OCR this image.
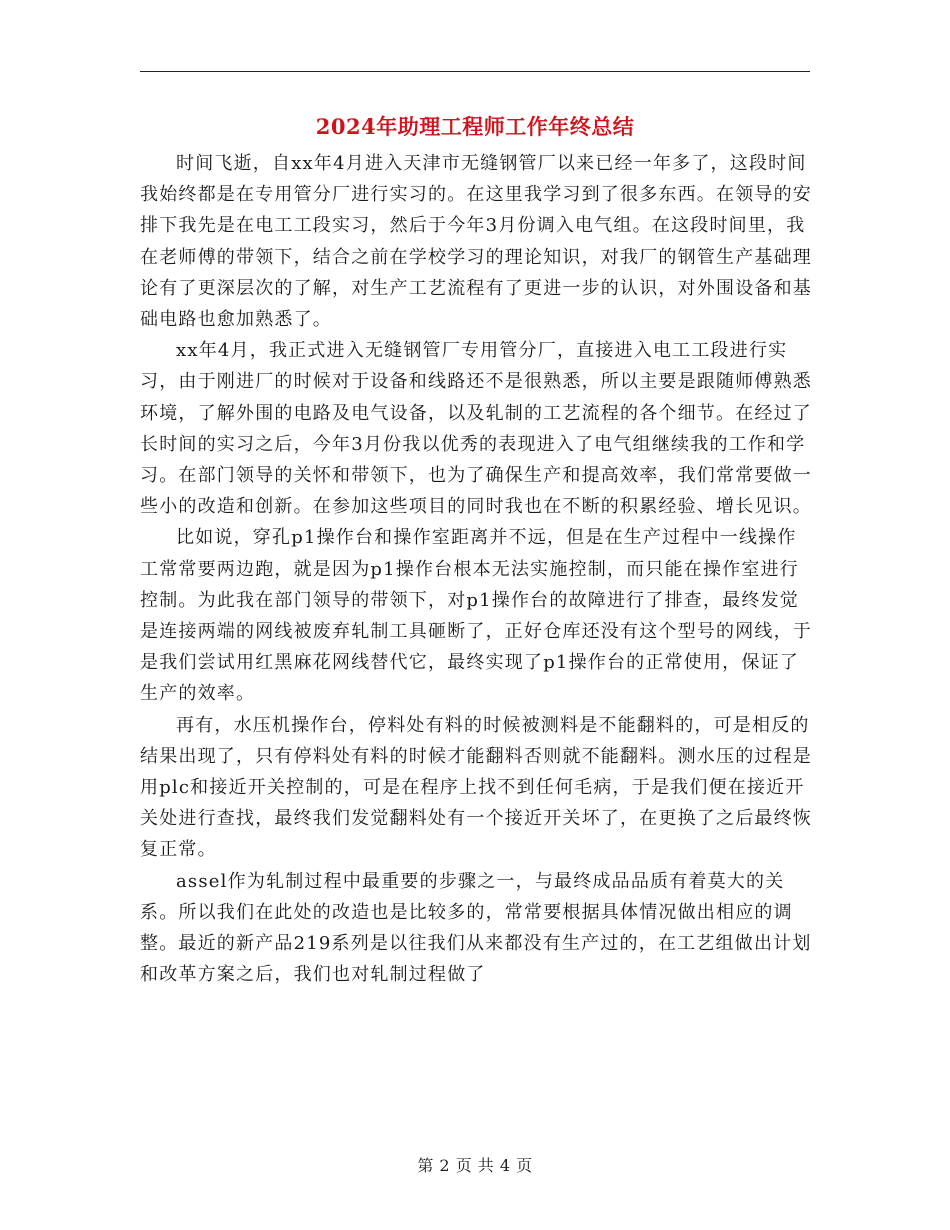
2024年助理工程师工作年终总结

时间飞逝，自xx年4月进入天津市无缝钢管厂以来已经一年多了，这段时间我始终都是在专用管分厂进行实习的。在这里我学习到了很多东西。在领导的安排下我先是在电工工段实习，然后于今年3月份调入电气组。在这段时间里，我在老师傅的带领下，结合之前在学校学习的理论知识，对我厂的钢管生产基础理论有了更深层次的了解，对生产工艺流程有了更进一步的认识，对外围设备和基础电路也愈加熟悉了。

xx年4月，我正式进入无缝钢管厂专用管分厂，直接进入电工工段进行实习，由于刚进厂的时候对于设备和线路还不是很熟悉，所以主要是跟随师傅熟悉环境，了解外围的电路及电气设备，以及轧制的工艺流程的各个细节。在经过了长时间的实习之后，今年3月份我以优秀的表现进入了电气组继续我的工作和学习。在部门领导的关怀和带领下，也为了确保生产和提高效率，我们常常要做一些小的改造和创新。在参加这些项目的同时我也在不断的积累经验、增长见识。

比如说，穿孔p1操作台和操作室距离并不远，但是在生产过程中一线操作工常常要两边跑，就是因为p1操作台根本无法实施控制，而只能在操作室进行控制。为此我在部门领导的带领下，对p1操作台的故障进行了排查，最终发觉是连接两端的网线被废弃轧制工具砸断了，正好仓库还没有这个型号的网线，于是我们尝试用红黑麻花网线替代它，最终实现了p1操作台的正常使用，保证了生产的效率。

再有，水压机操作台，停料处有料的时候被测料是不能翻料的，可是相反的结果出现了，只有停料处有料的时候才能翻料否则就不能翻料。测水压的过程是用plc和接近开关控制的，可是在程序上找不到任何毛病，于是我们便在接近开关处进行查找，最终我们发觉翻料处有一个接近开关坏了，在更换了之后最终恢复正常。

assel作为轧制过程中最重要的步骤之一，与最终成品品质有着莫大的关系。所以我们在此处的改造也是比较多的，常常要根据具体情况做出相应的调整。最近的新产品219系列是以往我们从来都没有生产过的，在工艺组做出计划和改革方案之后，我们也对轧制过程做了

第 2 页 共 4 页
